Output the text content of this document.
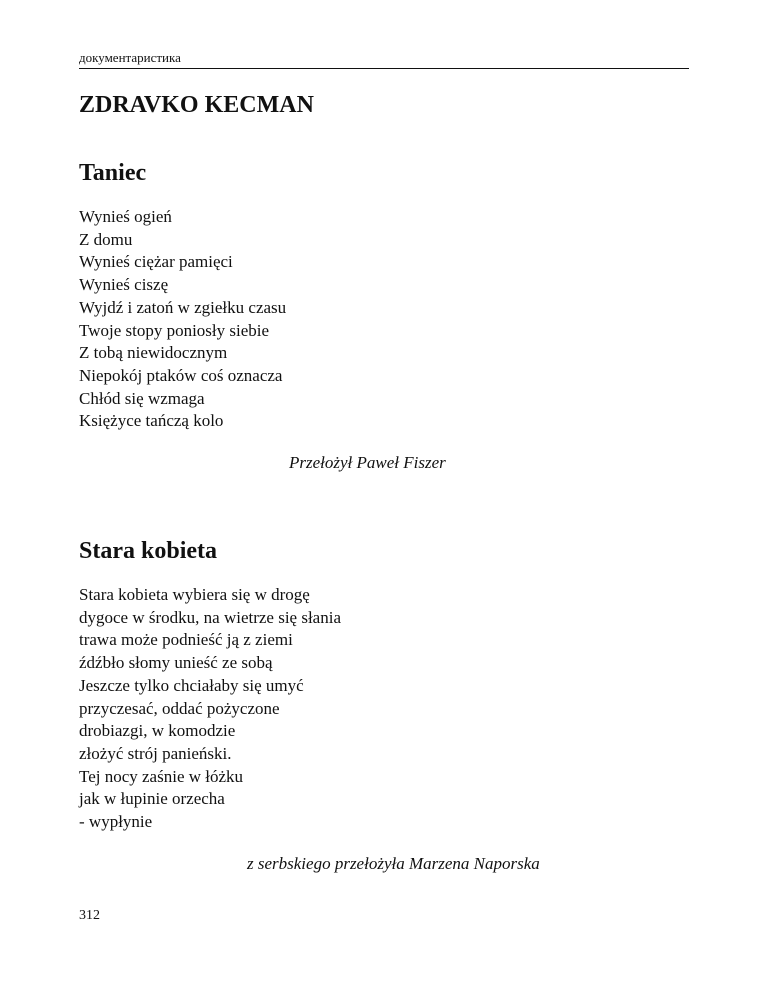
документаристика
ZDRAVKO KECMAN
Taniec
Wynieś ogień
Z domu
Wynieś ciężar pamięci
Wynieś ciszę
Wyjdź i zatoń w zgiełku czasu
Twoje stopy poniosły siebie
Z tobą niewidocznym
Niepokój ptaków coś oznacza
Chłód się wzmaga
Księżyce tańczą kolo
Przełożył Paweł Fiszer
Stara kobieta
Stara kobieta wybiera się w drogę
dygoce w środku, na wietrze się słania
trawa może podnieść ją z ziemi
źdźbło słomy unieść ze sobą
Jeszcze tylko chciałaby się umyć
przyczesać, oddać pożyczone
drobiazgi, w komodzie
złożyć strój panieński.
Tej nocy zaśnie w łóżku
jak w łupinie orzecha
- wypłynie
z serbskiego przełożyła Marzena Naporska
312
